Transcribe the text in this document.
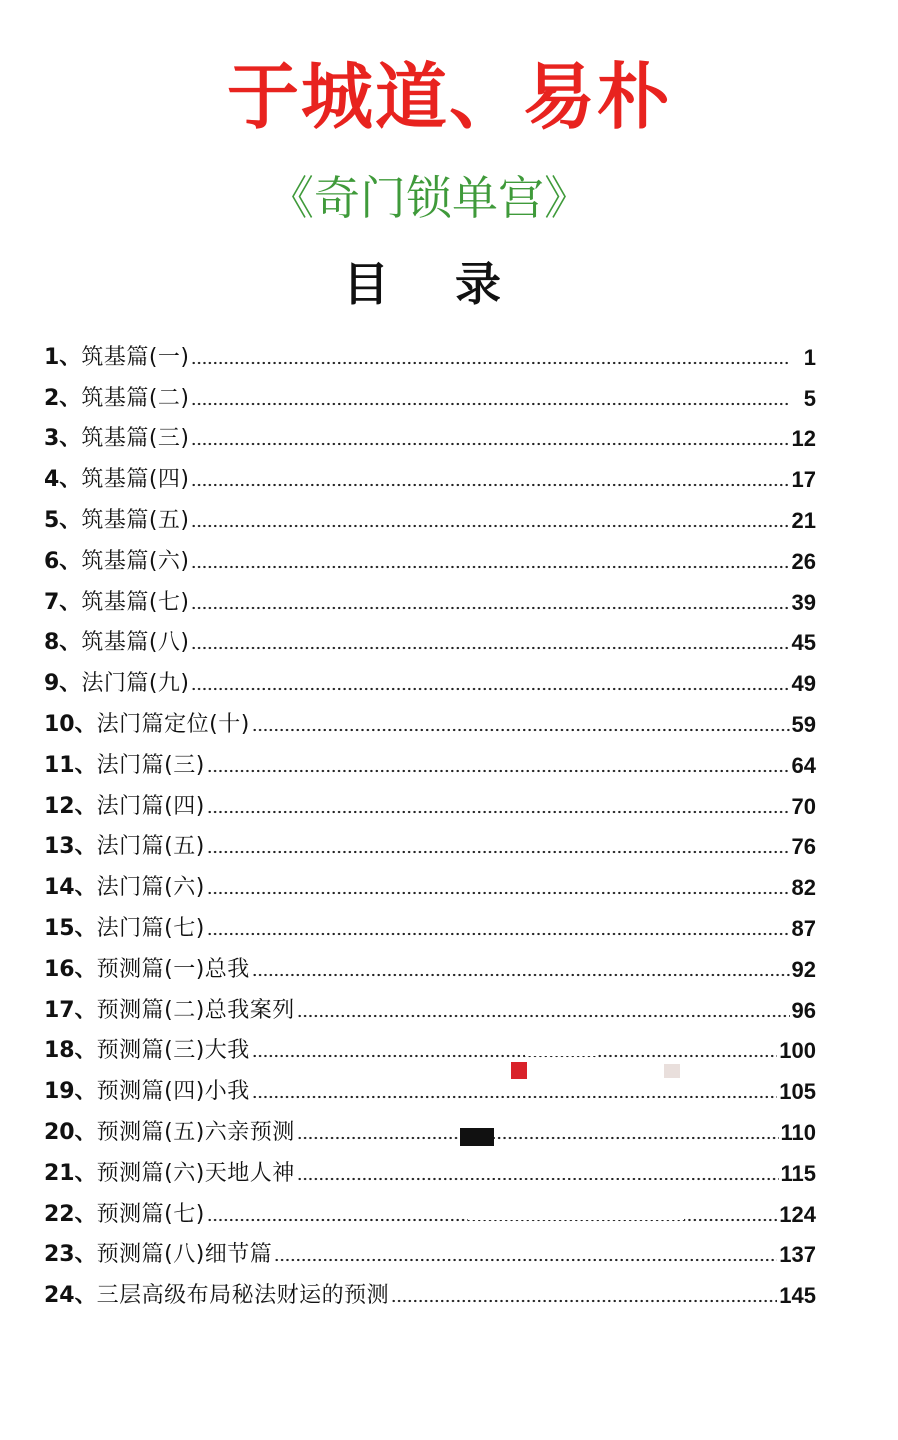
于城道、易朴
《奇门锁单宫》
目 录
1、 筑基篇(一)	1
2、 筑基篇(二)	5
3、 筑基篇(三)	12
4、 筑基篇(四)	17
5、 筑基篇(五)	21
6、 筑基篇(六)	26
7、 筑基篇(七)	39
8、 筑基篇(八)	45
9、 法门篇(九)	49
10、 法门篇定位(十)	59
11、 法门篇(三)	64
12、 法门篇(四)	70
13、 法门篇(五)	76
14、 法门篇(六)	82
15、 法门篇(七)	87
16、 预测篇(一)总我	92
17、 预测篇(二)总我案列	96
18、 预测篇(三)大我	100
19、 预测篇(四)小我	105
20、 预测篇(五)六亲预测	110
21、 预测篇(六)天地人神	115
22、 预测篇(七)	124
23、 预测篇(八)细节篇	137
24、 三层高级布局秘法财运的预测	145
